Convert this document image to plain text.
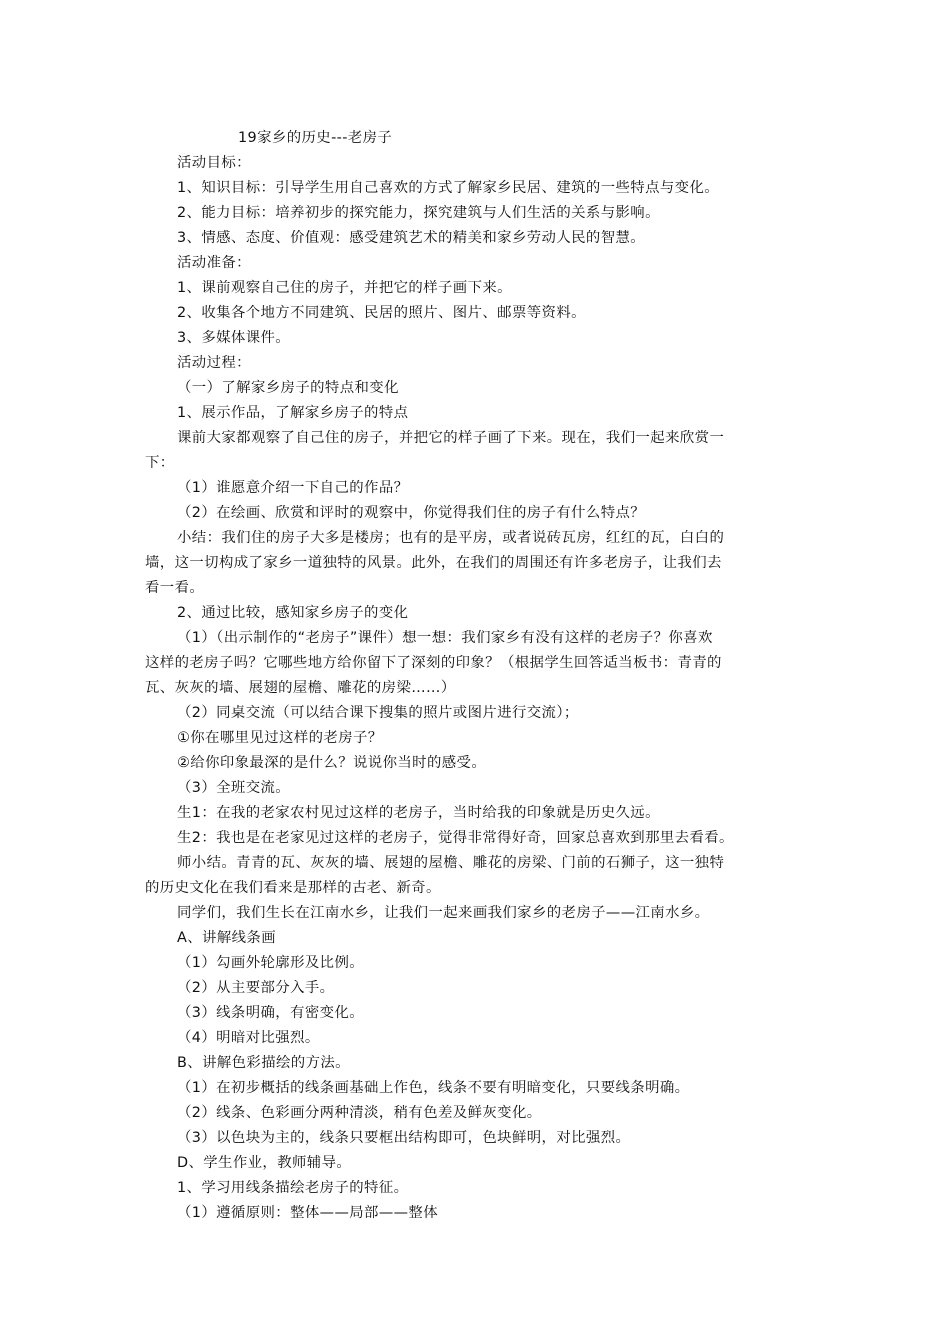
19家乡的历史---老房子
活动目标：
1、知识目标：引导学生用自己喜欢的方式了解家乡民居、建筑的一些特点与变化。
2、能力目标：培养初步的探究能力，探究建筑与人们生活的关系与影响。
3、情感、态度、价值观：感受建筑艺术的精美和家乡劳动人民的智慧。
活动准备：
1、课前观察自己住的房子，并把它的样子画下来。
2、收集各个地方不同建筑、民居的照片、图片、邮票等资料。
3、多媒体课件。
活动过程：
（一）了解家乡房子的特点和变化
1、展示作品，了解家乡房子的特点
课前大家都观察了自己住的房子，并把它的样子画了下来。现在，我们一起来欣赏一
下：
（1）谁愿意介绍一下自己的作品？
（2）在绘画、欣赏和评时的观察中，你觉得我们住的房子有什么特点？
小结：我们住的房子大多是楼房；也有的是平房，或者说砖瓦房，红红的瓦，白白的
墙，这一切构成了家乡一道独特的风景。此外，在我们的周围还有许多老房子，让我们去
看一看。
2、通过比较，感知家乡房子的变化
（1）（出示制作的“老房子”课件）想一想：我们家乡有没有这样的老房子？你喜欢
这样的老房子吗？它哪些地方给你留下了深刻的印象？（根据学生回答适当板书：青青的
瓦、灰灰的墙、展翅的屋檐、雕花的房梁……）
（2）同桌交流（可以结合课下搜集的照片或图片进行交流）；
①你在哪里见过这样的老房子？
②给你印象最深的是什么？说说你当时的感受。
（3）全班交流。
生1：在我的老家农村见过这样的老房子，当时给我的印象就是历史久远。
生2：我也是在老家见过这样的老房子，觉得非常得好奇，回家总喜欢到那里去看看。
师小结。青青的瓦、灰灰的墙、展翅的屋檐、雕花的房梁、门前的石狮子，这一独特
的历史文化在我们看来是那样的古老、新奇。
同学们，我们生长在江南水乡，让我们一起来画我们家乡的老房子——江南水乡。
A、讲解线条画
（1）勾画外轮廓形及比例。
（2）从主要部分入手。
（3）线条明确，有密变化。
（4）明暗对比强烈。
B、讲解色彩描绘的方法。
（1）在初步概括的线条画基础上作色，线条不要有明暗变化，只要线条明确。
（2）线条、色彩画分两种清淡，稍有色差及鲜灰变化。
（3）以色块为主的，线条只要框出结构即可，色块鲜明，对比强烈。
D、学生作业，教师辅导。
1、学习用线条描绘老房子的特征。
（1）遵循原则：整体——局部——整体
